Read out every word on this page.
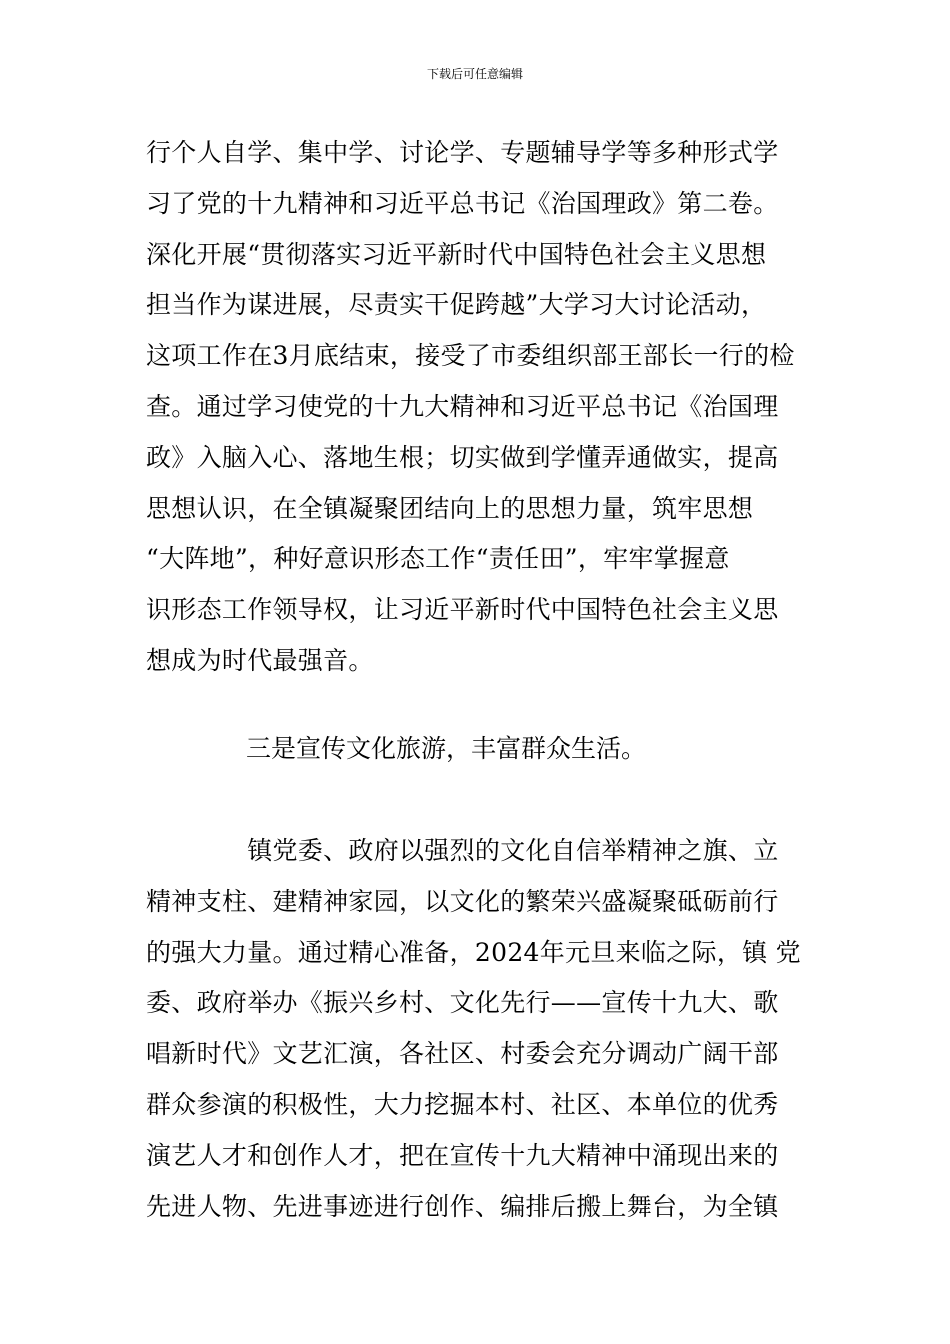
下载后可任意编辑
行个人自学、集中学、讨论学、专题辅导学等多种形式学
习了党的十九精神和习近平总书记《治国理政》第二卷。
深化开展“贯彻落实习近平新时代中国特色社会主义思想
担当作为谋进展，尽责实干促跨越”大学习大讨论活动，
这项工作在3月底结束，接受了市委组织部王部长一行的检
查。通过学习使党的十九大精神和习近平总书记《治国理
政》入脑入心、落地生根；切实做到学懂弄通做实，提高
思想认识，在全镇凝聚团结向上的思想力量，筑牢思想
“大阵地”，种好意识形态工作“责任田”，牢牢掌握意
识形态工作领导权，让习近平新时代中国特色社会主义思
想成为时代最强音。
三是宣传文化旅游，丰富群众生活。
　　　　镇党委、政府以强烈的文化自信举精神之旗、立
精神支柱、建精神家园，以文化的繁荣兴盛凝聚砥砺前行
的强大力量。通过精心准备，2024年元旦来临之际，镇 党
委、政府举办《振兴乡村、文化先行——宣传十九大、歌
唱新时代》文艺汇演，各社区、村委会充分调动广阔干部
群众参演的积极性，大力挖掘本村、社区、本单位的优秀
演艺人才和创作人才，把在宣传十九大精神中涌现出来的
先进人物、先进事迹进行创作、编排后搬上舞台，为全镇
